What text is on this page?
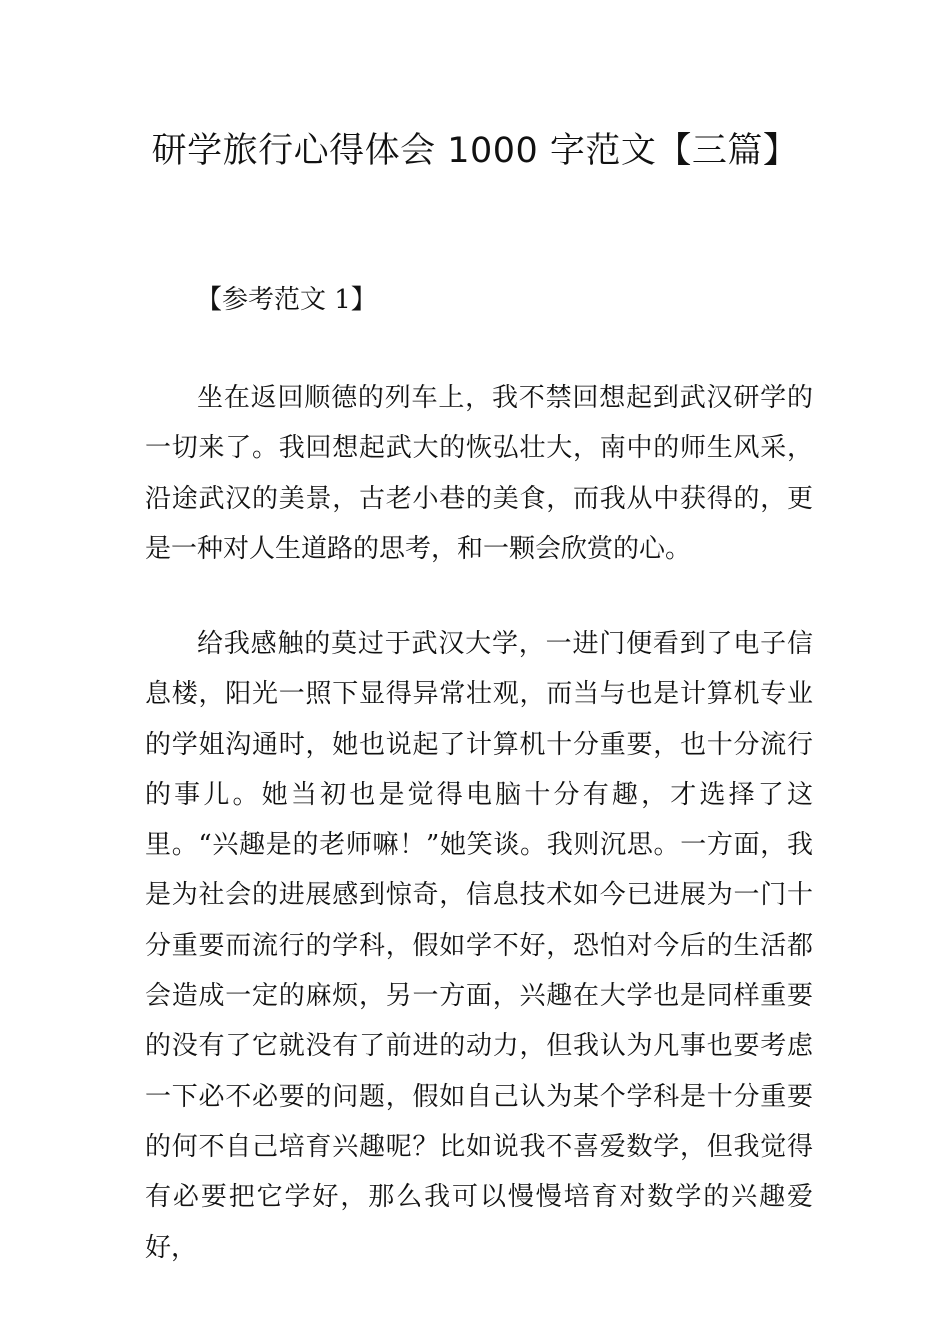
研学旅行心得体会 1000 字范文【三篇】

【参考范文 1】

坐在返回顺德的列车上，我不禁回想起到武汉研学的一切来了。我回想起武大的恢弘壮大，南中的师生风采，沿途武汉的美景，古老小巷的美食，而我从中获得的，更是一种对人生道路的思考，和一颗会欣赏的心。

给我感触的莫过于武汉大学，一进门便看到了电子信息楼，阳光一照下显得异常壮观，而当与也是计算机专业的学姐沟通时，她也说起了计算机十分重要，也十分流行的事儿。她当初也是觉得电脑十分有趣，才选择了这里。“兴趣是的老师嘛！”她笑谈。我则沉思。一方面，我是为社会的进展感到惊奇，信息技术如今已进展为一门十分重要而流行的学科，假如学不好，恐怕对今后的生活都会造成一定的麻烦，另一方面，兴趣在大学也是同样重要的没有了它就没有了前进的动力，但我认为凡事也要考虑一下必不必要的问题，假如自己认为某个学科是十分重要的何不自己培育兴趣呢？比如说我不喜爱数学，但我觉得有必要把它学好，那么我可以慢慢培育对数学的兴趣爱好，
